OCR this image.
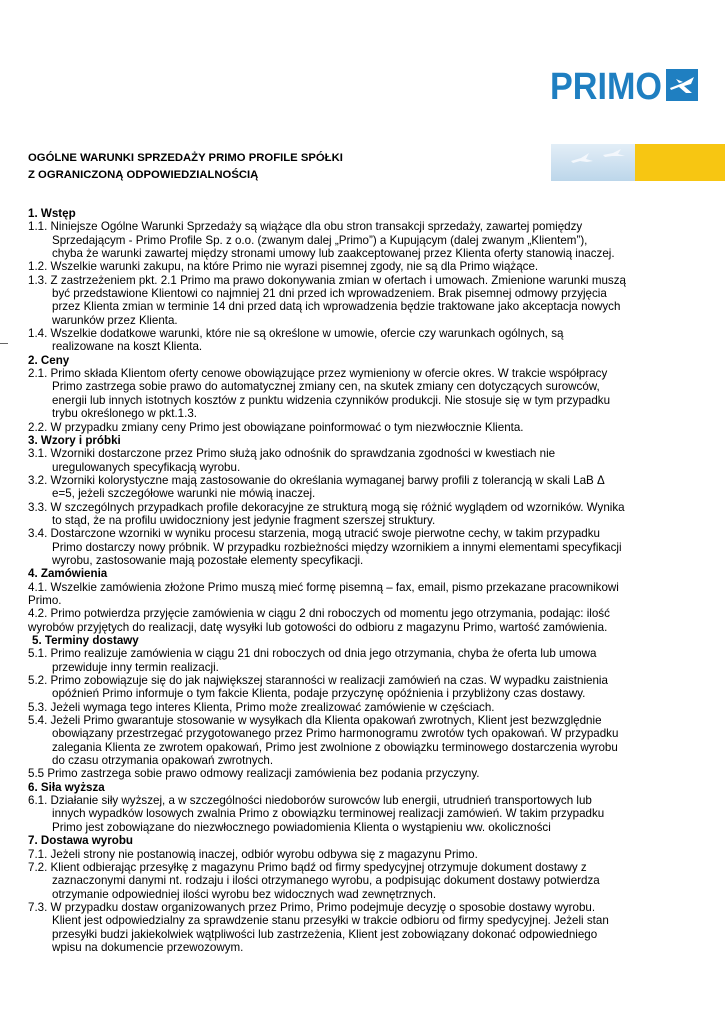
PRIMO
OGÓLNE WARUNKI SPRZEDAŻY PRIMO PROFILE SPÓŁKI
Z OGRANICZONĄ ODPOWIEDZIALNOŚCIĄ
1. Wstęp
1.1. Niniejsze Ogólne Warunki Sprzedaży są wiążące dla obu stron transakcji sprzedaży, zawartej pomiędzy
Sprzedającym - Primo Profile Sp. z o.o. (zwanym dalej „Primo”) a Kupującym (dalej zwanym „Klientem”),
chyba że warunki zawartej między stronami umowy lub zaakceptowanej przez Klienta oferty stanowią inaczej.
1.2. Wszelkie warunki zakupu, na które Primo nie wyrazi pisemnej zgody, nie są dla Primo wiążące.
1.3. Z zastrzeżeniem pkt. 2.1 Primo ma prawo dokonywania zmian w ofertach i umowach. Zmienione warunki muszą
być przedstawione Klientowi co najmniej 21 dni przed ich wprowadzeniem. Brak pisemnej odmowy przyjęcia
przez Klienta zmian w terminie 14 dni przed datą ich wprowadzenia będzie traktowane jako akceptacja nowych
warunków przez Klienta.
1.4. Wszelkie dodatkowe warunki, które nie są określone w umowie, ofercie czy warunkach ogólnych, są
realizowane na koszt Klienta.
2. Ceny
2.1. Primo składa Klientom oferty cenowe obowiązujące przez wymieniony w ofercie okres. W trakcie współpracy
Primo zastrzega sobie prawo do automatycznej zmiany cen, na skutek zmiany cen dotyczących surowców,
energii lub innych istotnych kosztów z punktu widzenia czynników produkcji. Nie stosuje się w tym przypadku
trybu określonego w pkt.1.3.
2.2. W przypadku zmiany ceny Primo jest obowiązane poinformować o tym niezwłocznie Klienta.
3. Wzory i próbki
3.1. Wzorniki dostarczone przez Primo służą jako odnośnik do sprawdzania zgodności w kwestiach nie
uregulowanych specyfikacją wyrobu.
3.2. Wzorniki kolorystyczne mają zastosowanie do określania wymaganej barwy profili z tolerancją w skali LaB Δ
e=5, jeżeli szczegółowe warunki nie mówią inaczej.
3.3. W szczególnych przypadkach profile dekoracyjne ze strukturą mogą się różnić wyglądem od wzorników. Wynika
to stąd, że na profilu uwidoczniony jest jedynie fragment szerszej struktury.
3.4. Dostarczone wzorniki w wyniku procesu starzenia, mogą utracić swoje pierwotne cechy, w takim przypadku
Primo dostarczy nowy próbnik. W przypadku rozbieżności między wzornikiem a innymi elementami specyfikacji
wyrobu, zastosowanie mają pozostałe elementy specyfikacji.
4. Zamówienia
4.1. Wszelkie zamówienia złożone Primo muszą mieć formę pisemną – fax, email, pismo przekazane pracownikowi
Primo.
4.2. Primo potwierdza przyjęcie zamówienia w ciągu 2 dni roboczych od momentu jego otrzymania, podając: ilość
wyrobów przyjętych do realizacji, datę wysyłki lub gotowości do odbioru z magazynu Primo, wartość zamówienia.
5. Terminy dostawy
5.1. Primo realizuje zamówienia w ciągu 21 dni roboczych od dnia jego otrzymania, chyba że oferta lub umowa
przewiduje inny termin realizacji.
5.2. Primo zobowiązuje się do jak największej staranności w realizacji zamówień na czas. W wypadku zaistnienia
opóźnień Primo informuje o tym fakcie Klienta, podaje przyczynę opóźnienia i przybliżony czas dostawy.
5.3. Jeżeli wymaga tego interes Klienta, Primo może zrealizować zamówienie w częściach.
5.4. Jeżeli Primo gwarantuje stosowanie w wysyłkach dla Klienta opakowań zwrotnych, Klient jest bezwzględnie
obowiązany przestrzegać przygotowanego przez Primo harmonogramu zwrotów tych opakowań. W przypadku
zalegania Klienta ze zwrotem opakowań, Primo jest zwolnione z obowiązku terminowego dostarczenia wyrobu
do czasu otrzymania opakowań zwrotnych.
5.5 Primo zastrzega sobie prawo odmowy realizacji zamówienia bez podania przyczyny.
6. Siła wyższa
6.1. Działanie siły wyższej, a w szczególności niedoborów surowców lub energii, utrudnień transportowych lub
innych wypadków losowych zwalnia Primo z obowiązku terminowej realizacji zamówień. W takim przypadku
Primo jest zobowiązane do niezwłocznego powiadomienia Klienta o wystąpieniu ww. okoliczności
7. Dostawa wyrobu
7.1. Jeżeli strony nie postanowią inaczej, odbiór wyrobu odbywa się z magazynu Primo.
7.2. Klient odbierając przesyłkę z magazynu Primo bądź od firmy spedycyjnej otrzymuje dokument dostawy z
zaznaczonymi danymi nt. rodzaju i ilości otrzymanego wyrobu, a podpisując dokument dostawy potwierdza
otrzymanie odpowiedniej ilości wyrobu bez widocznych wad zewnętrznych.
7.3. W przypadku dostaw organizowanych przez Primo, Primo podejmuje decyzję o sposobie dostawy wyrobu.
Klient jest odpowiedzialny za sprawdzenie stanu przesyłki w trakcie odbioru od firmy spedycyjnej. Jeżeli stan
przesyłki budzi jakiekolwiek wątpliwości lub zastrzeżenia, Klient jest zobowiązany dokonać odpowiedniego
wpisu na dokumencie przewozowym.
